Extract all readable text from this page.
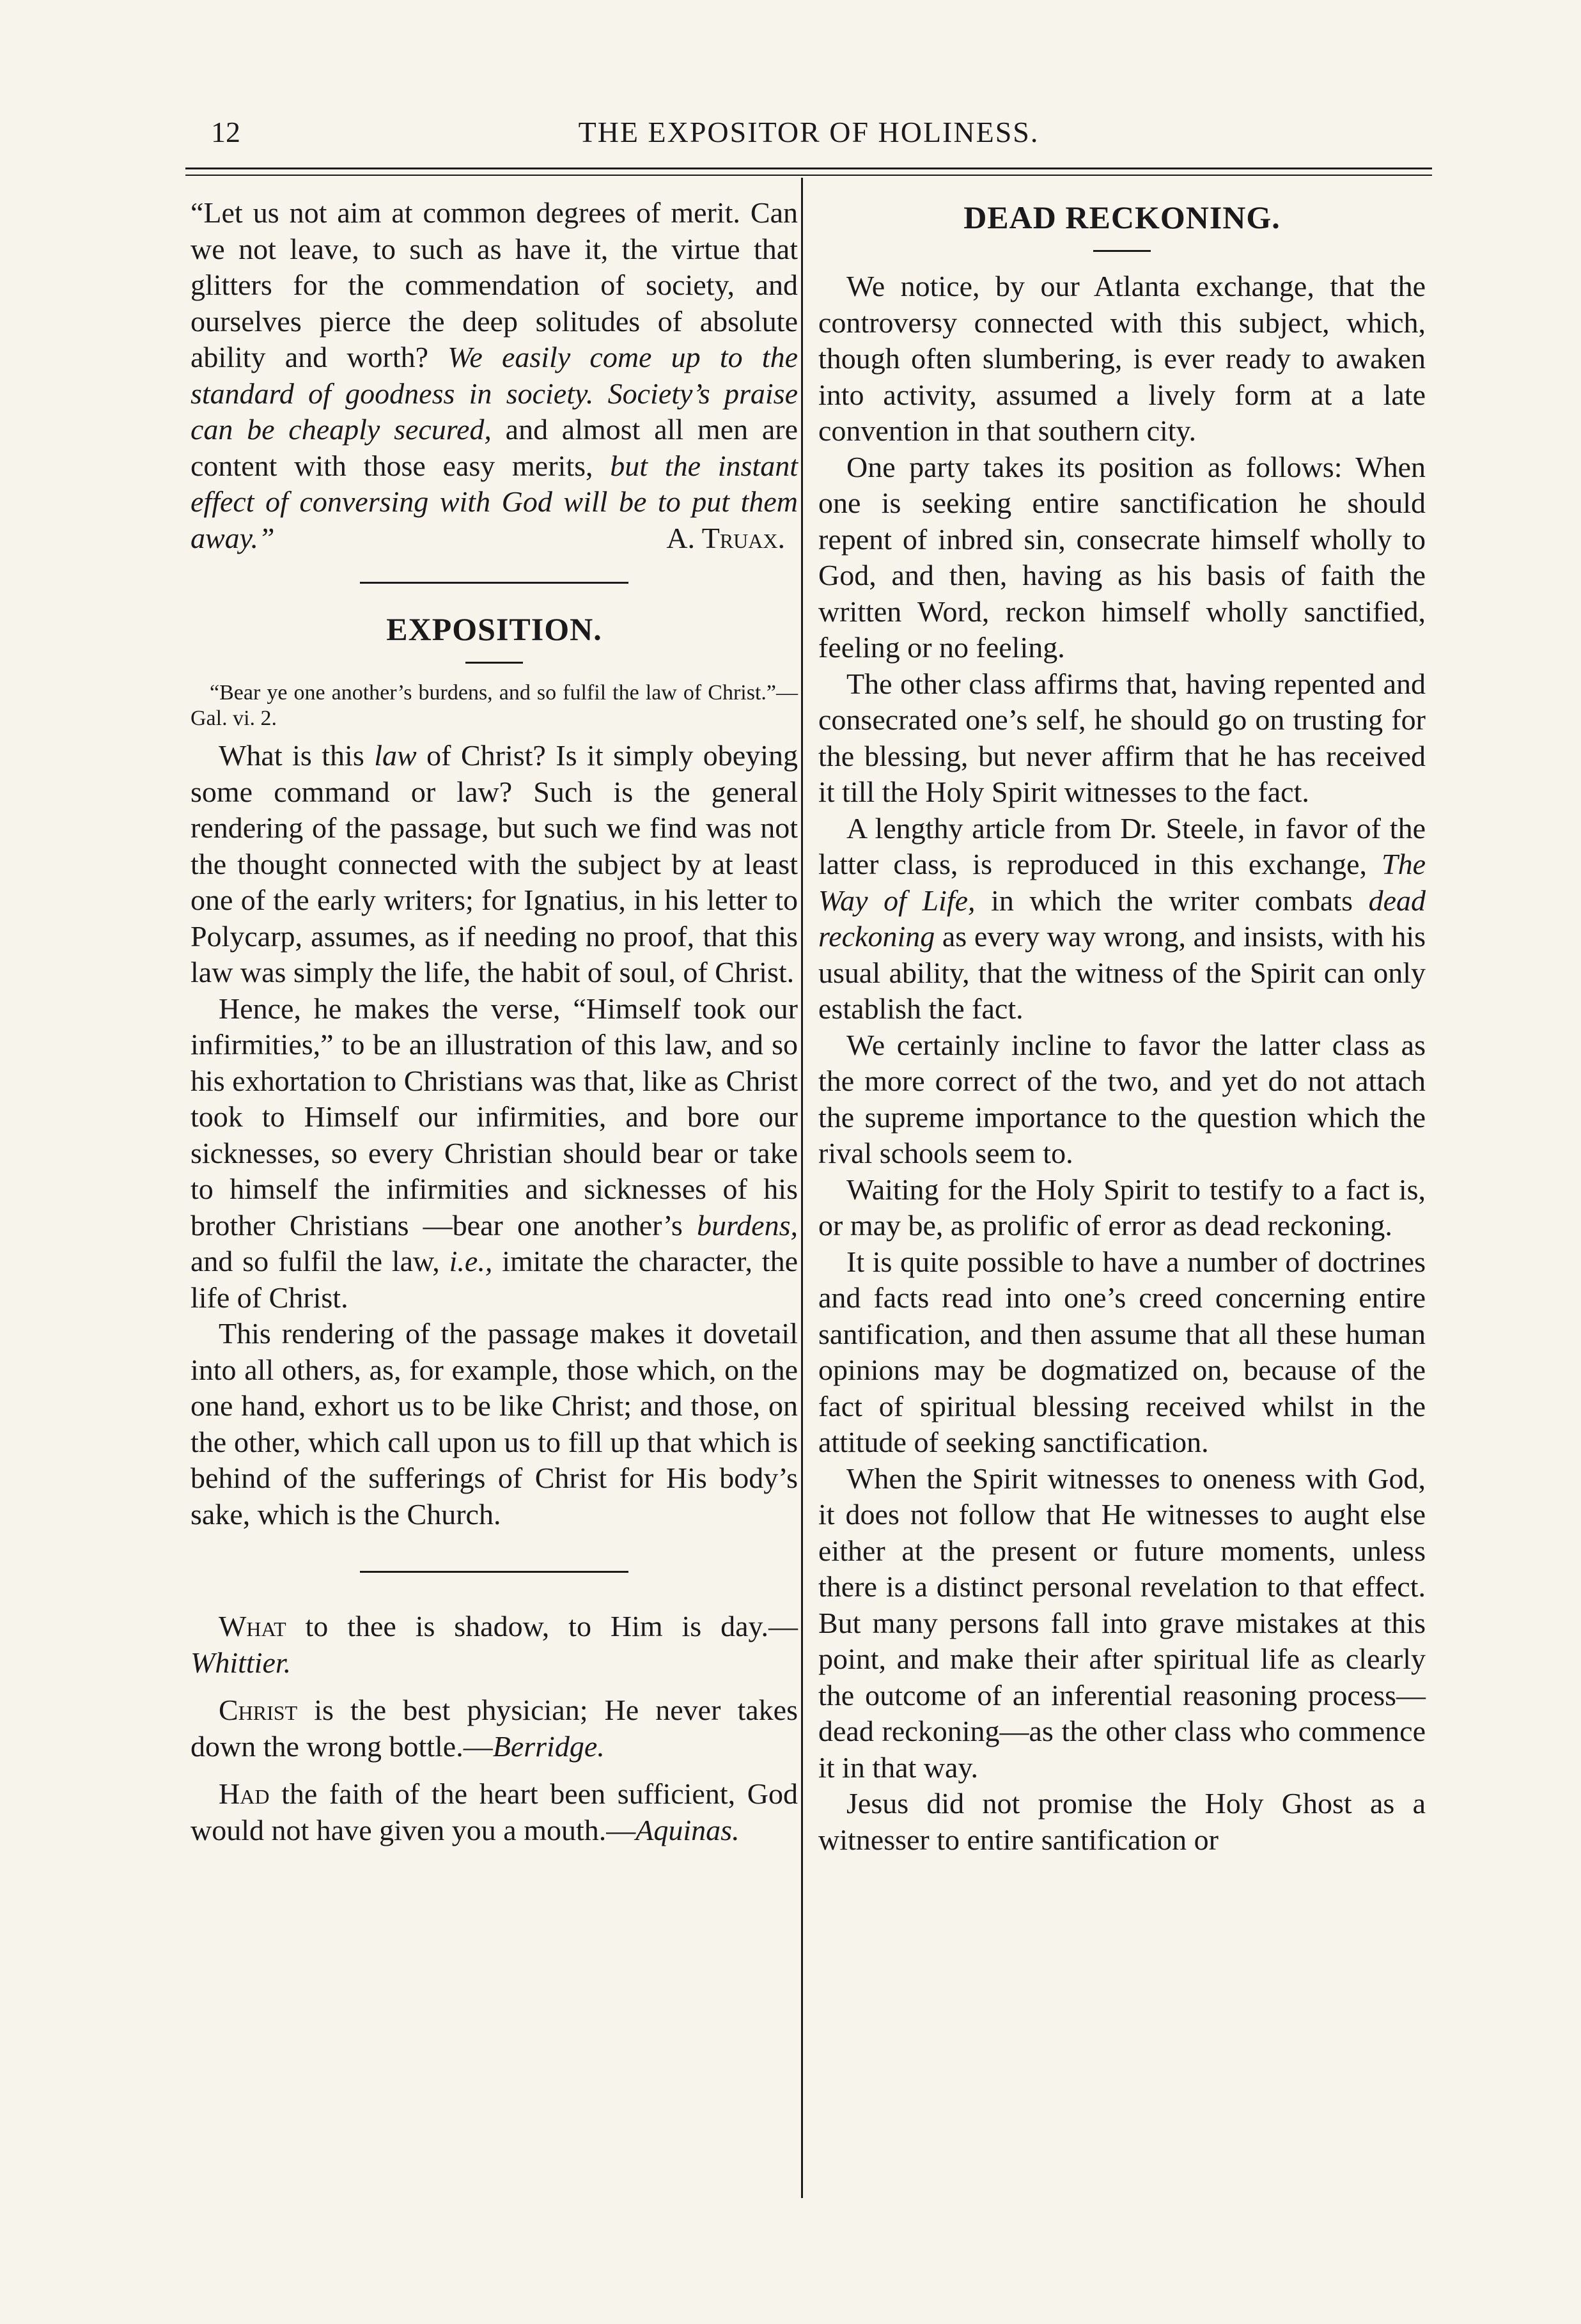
12	THE EXPOSITOR OF HOLINESS.

“Let us not aim at common degrees of merit. Can we not leave, to such as have it, the virtue that glitters for the commendation of society, and ourselves pierce the deep solitudes of absolute ability and worth? We easily come up to the standard of goodness in society. Society’s praise can be cheaply secured, and almost all men are content with those easy merits, but the instant effect of conversing with God will be to put them away.”	A. Truax.
EXPOSITION.

“Bear ye one another’s burdens, and so fulfil the law of Christ.”—Gal. vi. 2.

What is this law of Christ? Is it simply obeying some command or law? Such is the general rendering of the passage, but such we find was not the thought connected with the subject by at least one of the early writers; for Ignatius, in his letter to Polycarp, assumes, as if needing no proof, that this law was simply the life, the habit of soul, of Christ.

Hence, he makes the verse, “Himself took our infirmities,” to be an illustration of this law, and so his exhortation to Christians was that, like as Christ took to Himself our infirmities, and bore our sicknesses, so every Christian should bear or take to himself the infirmities and sicknesses of his brother Christians —bear one another’s burdens, and so fulfil the law, i.e., imitate the character, the life of Christ.

This rendering of the passage makes it dovetail into all others, as, for example, those which, on the one hand, exhort us to be like Christ; and those, on the other, which call upon us to fill up that which is behind of the sufferings of Christ for His body’s sake, which is the Church.

What to thee is shadow, to Him is day.—Whittier.

Christ is the best physician; He never takes down the wrong bottle.—Berridge.

Had the faith of the heart been sufficient, God would not have given you a mouth.—Aquinas.

DEAD RECKONING.

We notice, by our Atlanta exchange, that the controversy connected with this subject, which, though often slumbering, is ever ready to awaken into activity, assumed a lively form at a late convention in that southern city.

One party takes its position as follows: When one is seeking entire sanctification he should repent of inbred sin, consecrate himself wholly to God, and then, having as his basis of faith the written Word, reckon himself wholly sanctified, feeling or no feeling.

The other class affirms that, having repented and consecrated one’s self, he should go on trusting for the blessing, but never affirm that he has received it till the Holy Spirit witnesses to the fact.

A lengthy article from Dr. Steele, in favor of the latter class, is reproduced in this exchange, The Way of Life, in which the writer combats dead reckoning as every way wrong, and insists, with his usual ability, that the witness of the Spirit can only establish the fact.

We certainly incline to favor the latter class as the more correct of the two, and yet do not attach the supreme importance to the question which the rival schools seem to.

Waiting for the Holy Spirit to testify to a fact is, or may be, as prolific of error as dead reckoning.

It is quite possible to have a number of doctrines and facts read into one’s creed concerning entire santification, and then assume that all these human opinions may be dogmatized on, because of the fact of spiritual blessing received whilst in the attitude of seeking sanctification.

When the Spirit witnesses to oneness with God, it does not follow that He witnesses to aught else either at the present or future moments, unless there is a distinct personal revelation to that effect. But many persons fall into grave mistakes at this point, and make their after spiritual life as clearly the outcome of an inferential reasoning process—dead reckoning—as the other class who commence it in that way.

Jesus did not promise the Holy Ghost as a witnesser to entire santification or
